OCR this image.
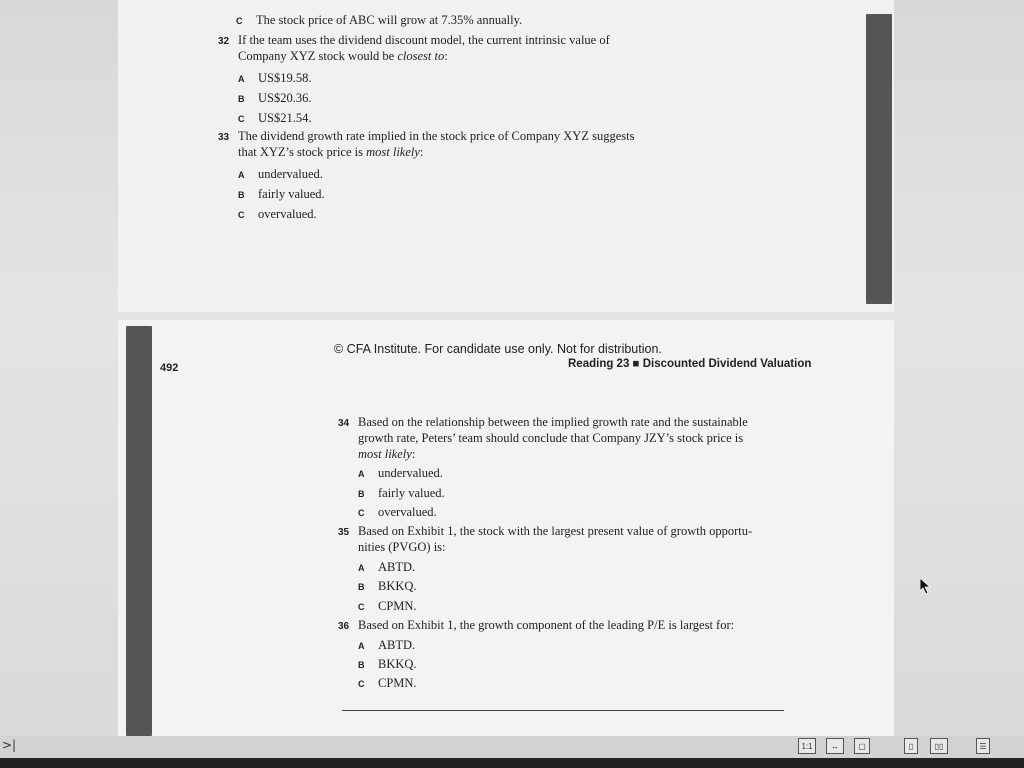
C The stock price of ABC will grow at 7.35% annually.
32 If the team uses the dividend discount model, the current intrinsic value of
Company XYZ stock would be closest to:
A US$19.58.
B US$20.36.
C US$21.54.
33 The dividend growth rate implied in the stock price of Company XYZ suggests
that XYZ’s stock price is most likely:
A undervalued.
B fairly valued.
C overvalued.
© CFA Institute. For candidate use only. Not for distribution.
492	Reading 23 ■ Discounted Dividend Valuation
34 Based on the relationship between the implied growth rate and the sustainable
growth rate, Peters’ team should conclude that Company JZY’s stock price is
most likely:
A undervalued.
B fairly valued.
C overvalued.
35 Based on Exhibit 1, the stock with the largest present value of growth opportu-
nities (PVGO) is:
A ABTD.
B BKKQ.
C CPMN.
36 Based on Exhibit 1, the growth component of the leading P/E is largest for:
A ABTD.
B BKKQ.
C CPMN.
>|	1:1	↔	▢	▯	▯▯	☰
